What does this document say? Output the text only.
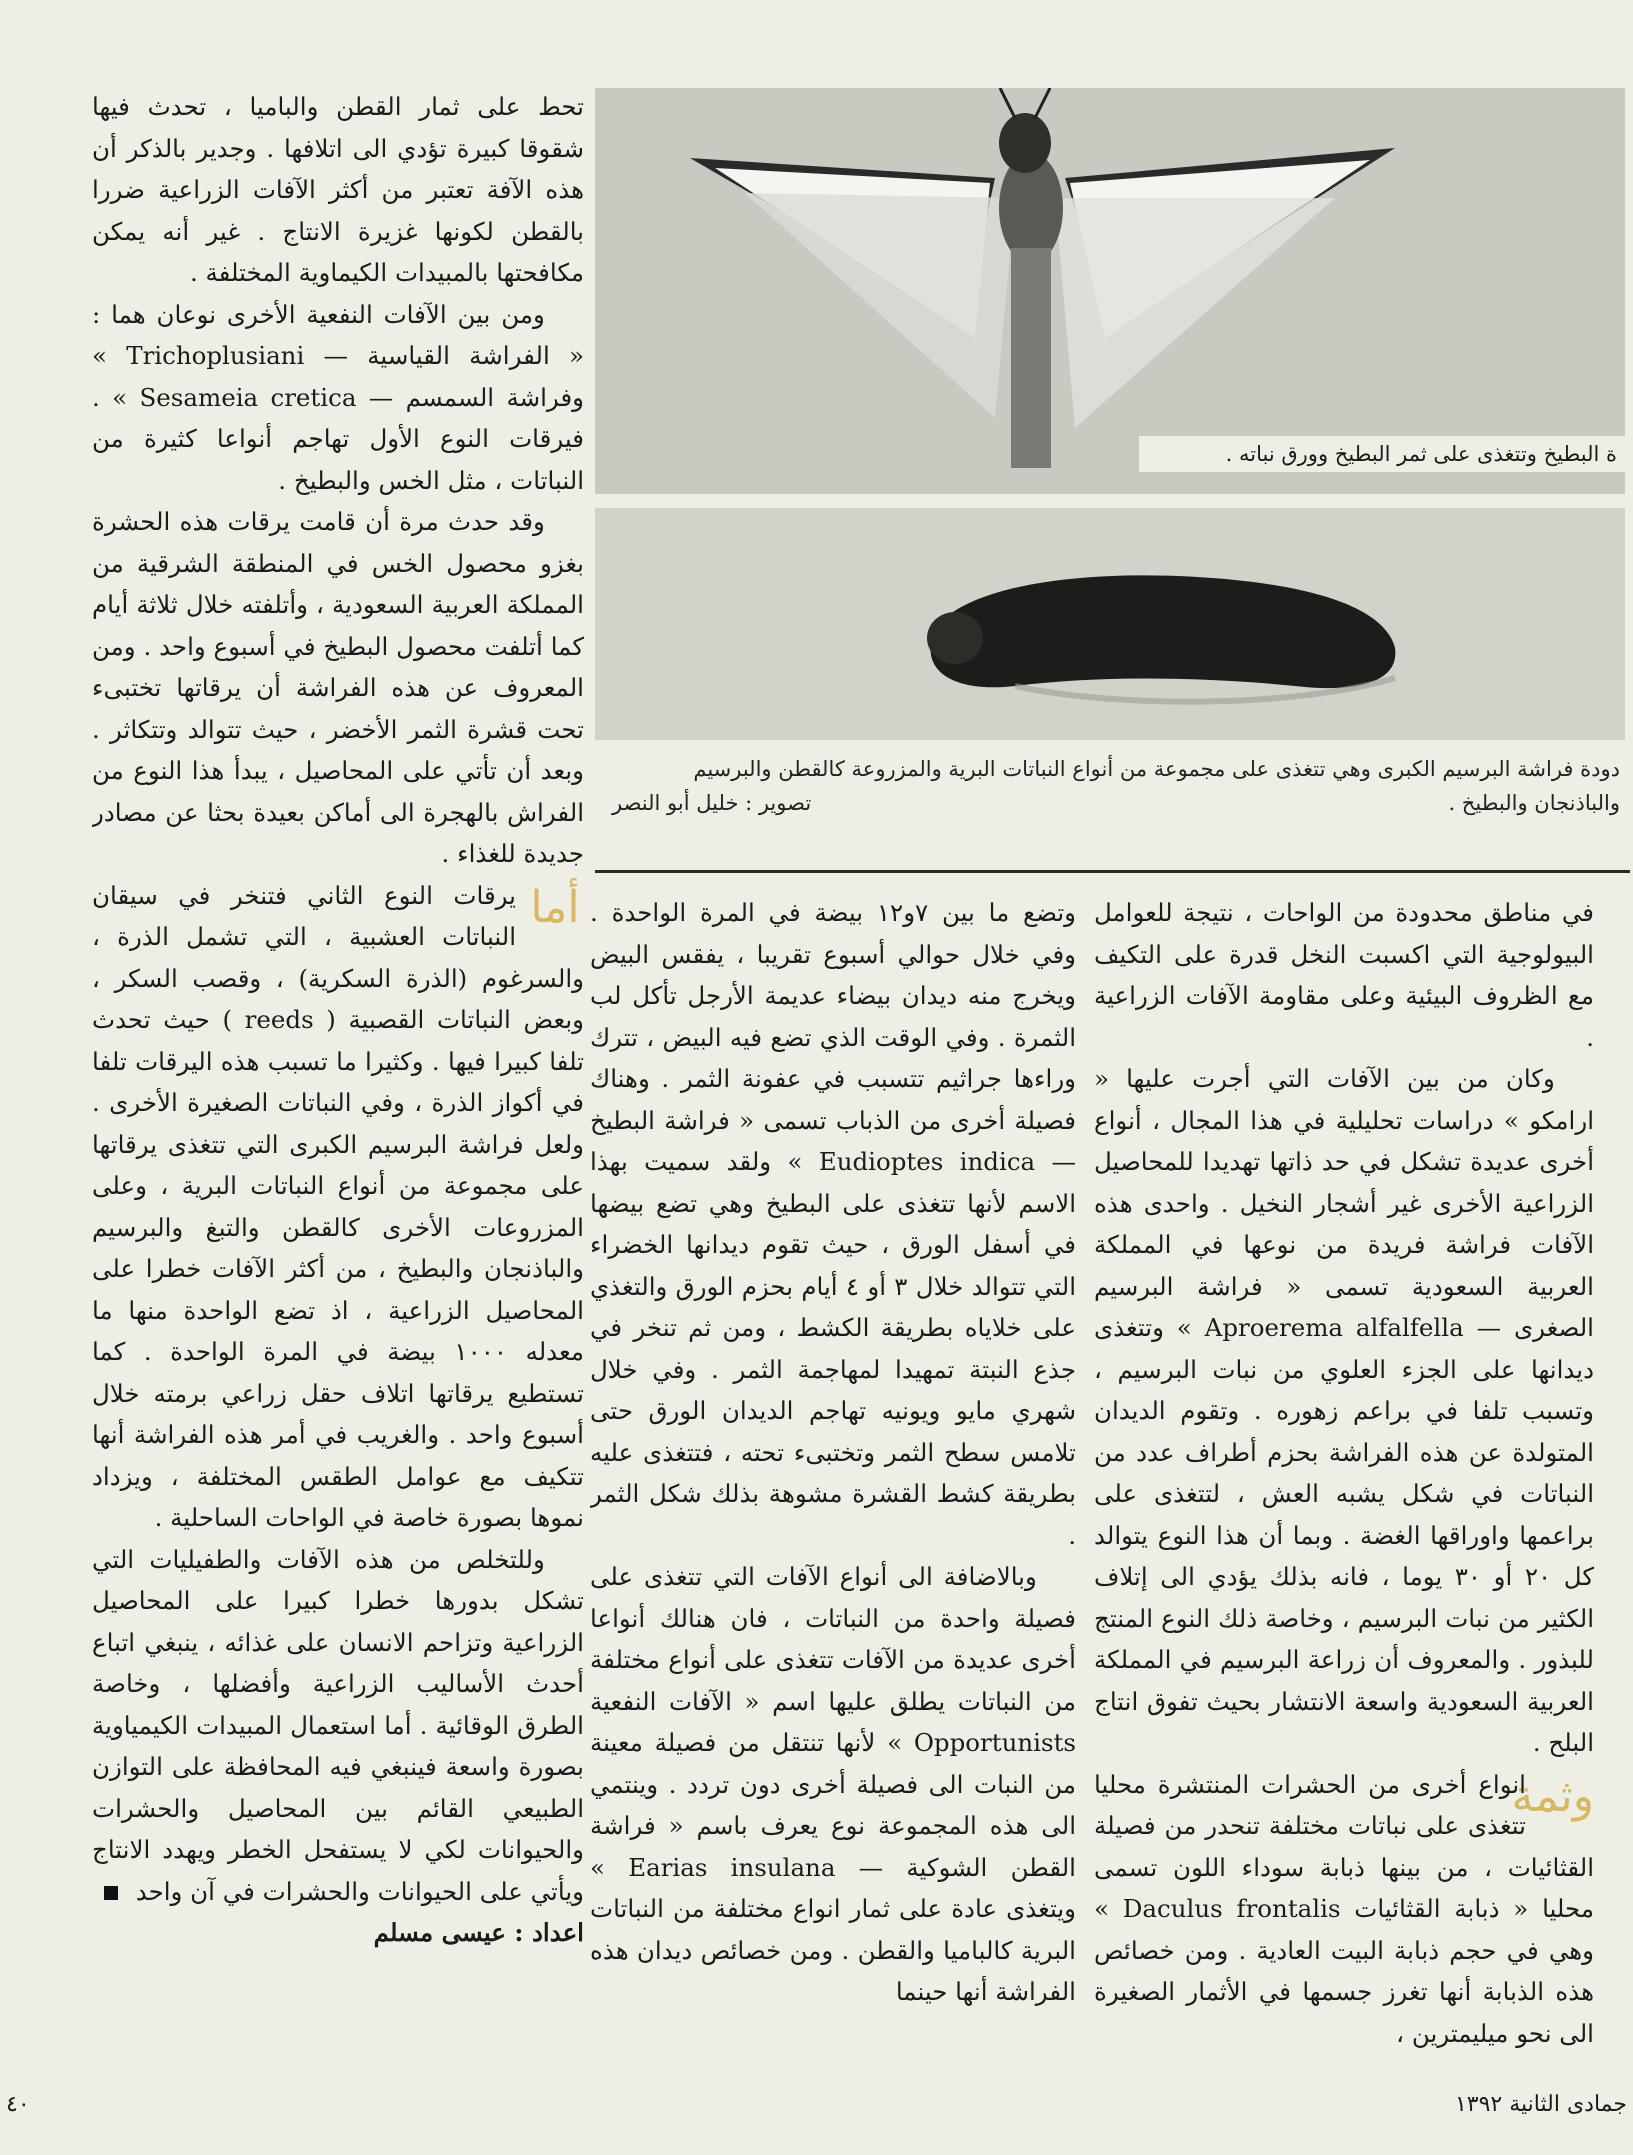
ة البطيخ وتتغذى على ثمر البطيخ وورق نباته .
دودة فراشة البرسيم الكبرى وهي تتغذى على مجموعة من أنواع النباتات البرية والمزروعة كالقطن والبرسيم والباذنجان والبطيخ .
تصوير : خليل أبو النصر

تحط على ثمار القطن والباميا ، تحدث فيها شقوقا كبيرة تؤدي الى اتلافها . وجدير بالذكر أن هذه الآفة تعتبر من أكثر الآفات الزراعية ضررا بالقطن لكونها غزيرة الانتاج . غير أنه يمكن مكافحتها بالمبيدات الكيماوية المختلفة .

ومن بين الآفات النفعية الأخرى نوعان هما : « الفراشة القياسية — Trichoplusiani » وفراشة السمسم — Sesameia cretica » . فيرقات النوع الأول تهاجم أنواعا كثيرة من النباتات ، مثل الخس والبطيخ .

وقد حدث مرة أن قامت يرقات هذه الحشرة بغزو محصول الخس في المنطقة الشرقية من المملكة العربية السعودية ، وأتلفته خلال ثلاثة أيام كما أتلفت محصول البطيخ في أسبوع واحد . ومن المعروف عن هذه الفراشة أن يرقاتها تختبىء تحت قشرة الثمر الأخضر ، حيث تتوالد وتتكاثر . وبعد أن تأتي على المحاصيل ، يبدأ هذا النوع من الفراش بالهجرة الى أماكن بعيدة بحثا عن مصادر جديدة للغذاء .

أما
يرقات النوع الثاني فتنخر في سيقان النباتات العشبية ، التي تشمل الذرة ، والسرغوم (الذرة السكرية) ، وقصب السكر ، وبعض النباتات القصبية ( reeds ) حيث تحدث تلفا كبيرا فيها . وكثيرا ما تسبب هذه اليرقات تلفا في أكواز الذرة ، وفي النباتات الصغيرة الأخرى . ولعل فراشة البرسيم الكبرى التي تتغذى يرقاتها على مجموعة من أنواع النباتات البرية ، وعلى المزروعات الأخرى كالقطن والتبغ والبرسيم والباذنجان والبطيخ ، من أكثر الآفات خطرا على المحاصيل الزراعية ، اذ تضع الواحدة منها ما معدله ١٠٠٠ بيضة في المرة الواحدة . كما تستطيع يرقاتها اتلاف حقل زراعي برمته خلال أسبوع واحد . والغريب في أمر هذه الفراشة أنها تتكيف مع عوامل الطقس المختلفة ، ويزداد نموها بصورة خاصة في الواحات الساحلية .

وللتخلص من هذه الآفات والطفيليات التي تشكل بدورها خطرا كبيرا على المحاصيل الزراعية وتزاحم الانسان على غذائه ، ينبغي اتباع أحدث الأساليب الزراعية وأفضلها ، وخاصة الطرق الوقائية . أما استعمال المبيدات الكيمياوية بصورة واسعة فينبغي فيه المحافظة على التوازن الطبيعي القائم بين المحاصيل والحشرات والحيوانات لكي لا يستفحل الخطر ويهدد الانتاج ويأتي على الحيوانات والحشرات في آن واحد

اعداد : عيسى مسلم

وتضع ما بين ٧و١٢ بيضة في المرة الواحدة . وفي خلال حوالي أسبوع تقريبا ، يفقس البيض ويخرج منه ديدان بيضاء عديمة الأرجل تأكل لب الثمرة . وفي الوقت الذي تضع فيه البيض ، تترك وراءها جراثيم تتسبب في عفونة الثمر . وهناك فصيلة أخرى من الذباب تسمى « فراشة البطيخ — Eudioptes indica » ولقد سميت بهذا الاسم لأنها تتغذى على البطيخ وهي تضع بيضها في أسفل الورق ، حيث تقوم ديدانها الخضراء التي تتوالد خلال ٣ أو ٤ أيام بحزم الورق والتغذي على خلاياه بطريقة الكشط ، ومن ثم تنخر في جذع النبتة تمهيدا لمهاجمة الثمر . وفي خلال شهري مايو ويونيه تهاجم الديدان الورق حتى تلامس سطح الثمر وتختبىء تحته ، فتتغذى عليه بطريقة كشط القشرة مشوهة بذلك شكل الثمر .

وبالاضافة الى أنواع الآفات التي تتغذى على فصيلة واحدة من النباتات ، فان هنالك أنواعا أخرى عديدة من الآفات تتغذى على أنواع مختلفة من النباتات يطلق عليها اسم « الآفات النفعية Opportunists » لأنها تنتقل من فصيلة معينة من النبات الى فصيلة أخرى دون تردد . وينتمي الى هذه المجموعة نوع يعرف باسم « فراشة القطن الشوكية — Earias insulana » ويتغذى عادة على ثمار انواع مختلفة من النباتات البرية كالباميا والقطن . ومن خصائص ديدان هذه الفراشة أنها حينما

في مناطق محدودة من الواحات ، نتيجة للعوامل البيولوجية التي اكسبت النخل قدرة على التكيف مع الظروف البيئية وعلى مقاومة الآفات الزراعية .

وكان من بين الآفات التي أجرت عليها « ارامكو » دراسات تحليلية في هذا المجال ، أنواع أخرى عديدة تشكل في حد ذاتها تهديدا للمحاصيل الزراعية الأخرى غير أشجار النخيل . واحدى هذه الآفات فراشة فريدة من نوعها في المملكة العربية السعودية تسمى « فراشة البرسيم الصغرى — Aproerema alfalfella » وتتغذى ديدانها على الجزء العلوي من نبات البرسيم ، وتسبب تلفا في براعم زهوره . وتقوم الديدان المتولدة عن هذه الفراشة بحزم أطراف عدد من النباتات في شكل يشبه العش ، لتتغذى على براعمها واوراقها الغضة . وبما أن هذا النوع يتوالد كل ٢٠ أو ٣٠ يوما ، فانه بذلك يؤدي الى إتلاف الكثير من نبات البرسيم ، وخاصة ذلك النوع المنتج للبذور . والمعروف أن زراعة البرسيم في المملكة العربية السعودية واسعة الانتشار بحيث تفوق انتاج البلح .

وثمة
انواع أخرى من الحشرات المنتشرة محليا تتغذى على نباتات مختلفة تنحدر من فصيلة القثائيات ، من بينها ذبابة سوداء اللون تسمى محليا « ذبابة القثائيات Daculus frontalis » وهي في حجم ذبابة البيت العادية . ومن خصائص هذه الذبابة أنها تغرز جسمها في الأثمار الصغيرة الى نحو ميليمترين ،

٤٠	جمادى الثانية ١٣٩٢
